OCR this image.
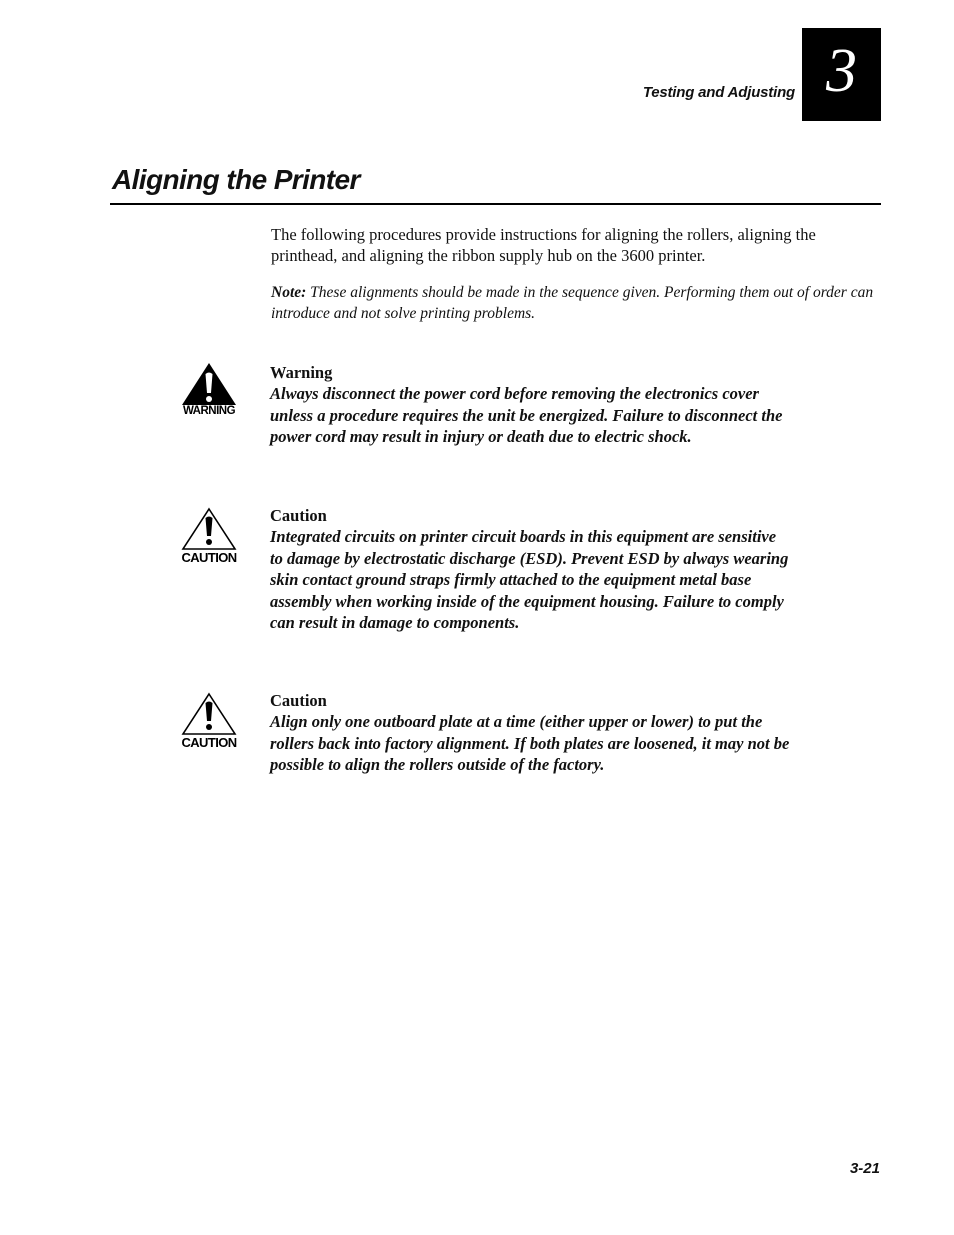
Testing and Adjusting 3
Aligning the Printer

The following procedures provide instructions for aligning the rollers, aligning the printhead, and aligning the ribbon supply hub on the 3600 printer.

Note: These alignments should be made in the sequence given. Performing them out of order can introduce and not solve printing problems.

WARNING

Warning

Always disconnect the power cord before removing the electronics cover unless a procedure requires the unit be energized. Failure to disconnect the power cord may result in injury or death due to electric shock.

CAUTION

Caution

Integrated circuits on printer circuit boards in this equipment are sensitive to damage by electrostatic discharge (ESD). Prevent ESD by always wearing skin contact ground straps firmly attached to the equipment metal base assembly when working inside of the equipment housing. Failure to comply can result in damage to components.

CAUTION

Caution

Align only one outboard plate at a time (either upper or lower) to put the rollers back into factory alignment. If both plates are loosened, it may not be possible to align the rollers outside of the factory.

3-21
